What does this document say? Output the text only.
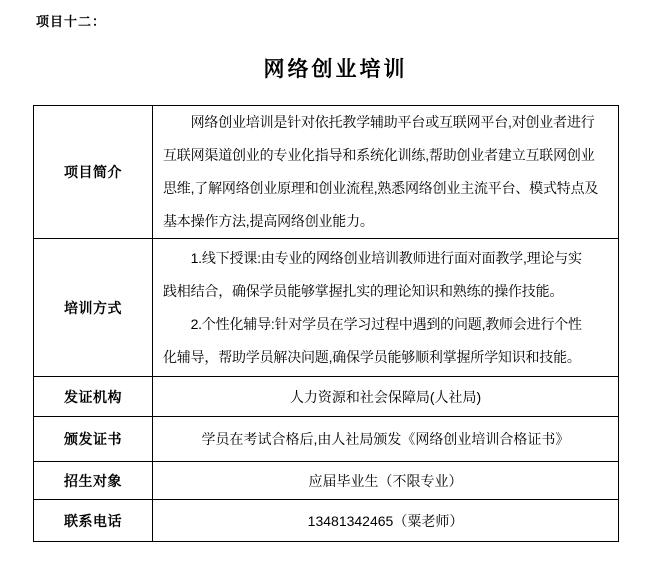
项目十二：
网络创业培训
项目简介	　　网络创业培训是针对依托教学辅助平台或互联网平台,对创业者进行
互联网渠道创业的专业化指导和系统化训练,帮助创业者建立互联网创业
思维,了解网络创业原理和创业流程,熟悉网络创业主流平台、模式特点及
基本操作方法,提高网络创业能力。

培训方式	　　1.线下授课:由专业的网络创业培训教师进行面对面教学,理论与实
践相结合，确保学员能够掌握扎实的理论知识和熟练的操作技能。
　　2.个性化辅导:针对学员在学习过程中遇到的问题,教师会进行个性
化辅导，帮助学员解决问题,确保学员能够顺利掌握所学知识和技能。

发证机构	人力资源和社会保障局(人社局)
颁发证书	学员在考试合格后,由人社局颁发《网络创业培训合格证书》
招生对象	应届毕业生（不限专业）
联系电话	13481342465（粟老师）
